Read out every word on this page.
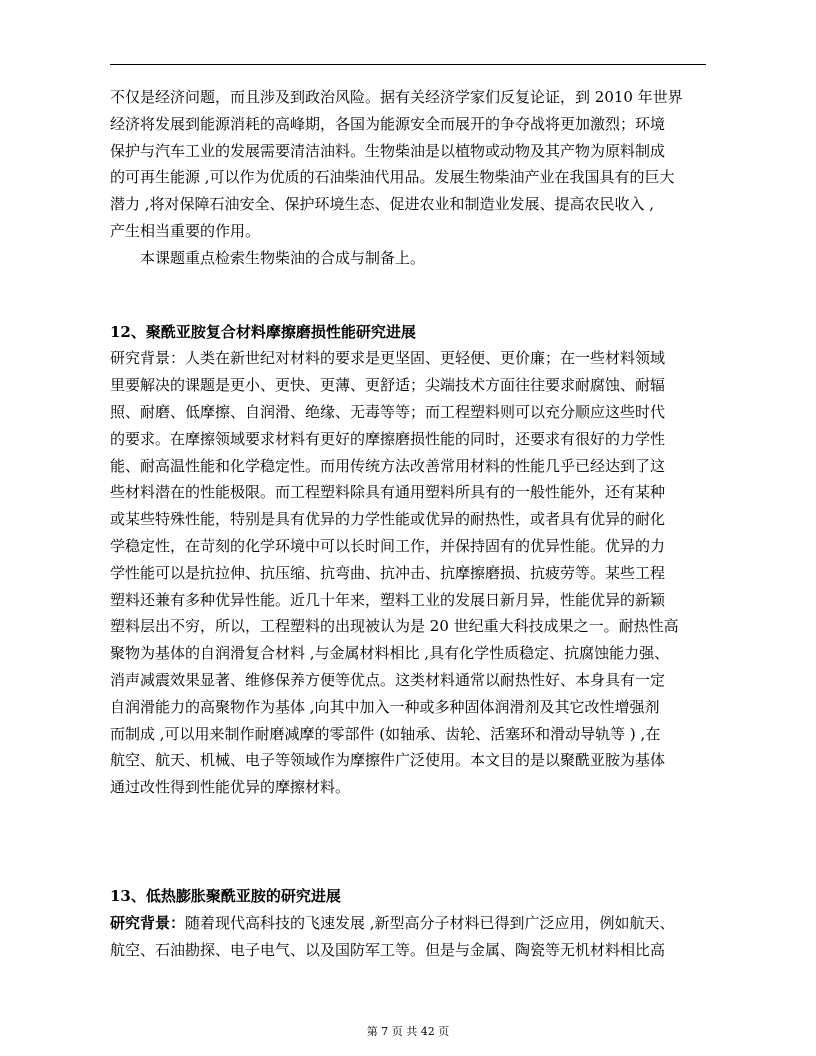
不仅是经济问题，而且涉及到政治风险。据有关经济学家们反复论证，到 2010 年世界
经济将发展到能源消耗的高峰期，各国为能源安全而展开的争夺战将更加激烈；环境
保护与汽车工业的发展需要清洁油料。生物柴油是以植物或动物及其产物为原料制成
的可再生能源 ,可以作为优质的石油柴油代用品。发展生物柴油产业在我国具有的巨大
潜力 ,将对保障石油安全、保护环境生态、促进农业和制造业发展、提高农民收入 ,
产生相当重要的作用。
本课题重点检索生物柴油的合成与制备上。
12、聚酰亚胺复合材料摩擦磨损性能研究进展
研究背景：人类在新世纪对材料的要求是更坚固、更轻便、更价廉；在一些材料领域
里要解决的课题是更小、更快、更薄、更舒适；尖端技术方面往往要求耐腐蚀、耐辐
照、耐磨、低摩擦、自润滑、绝缘、无毒等等；而工程塑料则可以充分顺应这些时代
的要求。在摩擦领域要求材料有更好的摩擦磨损性能的同时，还要求有很好的力学性
能、耐高温性能和化学稳定性。而用传统方法改善常用材料的性能几乎已经达到了这
些材料潜在的性能极限。而工程塑料除具有通用塑料所具有的一般性能外，还有某种
或某些特殊性能，特别是具有优异的力学性能或优异的耐热性，或者具有优异的耐化
学稳定性，在苛刻的化学环境中可以长时间工作，并保持固有的优异性能。优异的力
学性能可以是抗拉伸、抗压缩、抗弯曲、抗冲击、抗摩擦磨损、抗疲劳等。某些工程
塑料还兼有多种优异性能。近几十年来，塑料工业的发展日新月异，性能优异的新颖
塑料层出不穷，所以，工程塑料的出现被认为是 20 世纪重大科技成果之一。耐热性高
聚物为基体的自润滑复合材料 ,与金属材料相比 ,具有化学性质稳定、抗腐蚀能力强、
消声减震效果显著、维修保养方便等优点。这类材料通常以耐热性好、本身具有一定
自润滑能力的高聚物作为基体 ,向其中加入一种或多种固体润滑剂及其它改性增强剂
而制成 ,可以用来制作耐磨减摩的零部件 (如轴承、齿轮、活塞环和滑动导轨等 ) ,在
航空、航天、机械、电子等领域作为摩擦件广泛使用。本文目的是以聚酰亚胺为基体
通过改性得到性能优异的摩擦材料。
13、低热膨胀聚酰亚胺的研究进展
研究背景：随着现代高科技的飞速发展 ,新型高分子材料已得到广泛应用，例如航天、
航空、石油勘探、电子电气、以及国防军工等。但是与金属、陶瓷等无机材料相比高
第 7 页 共 42 页
